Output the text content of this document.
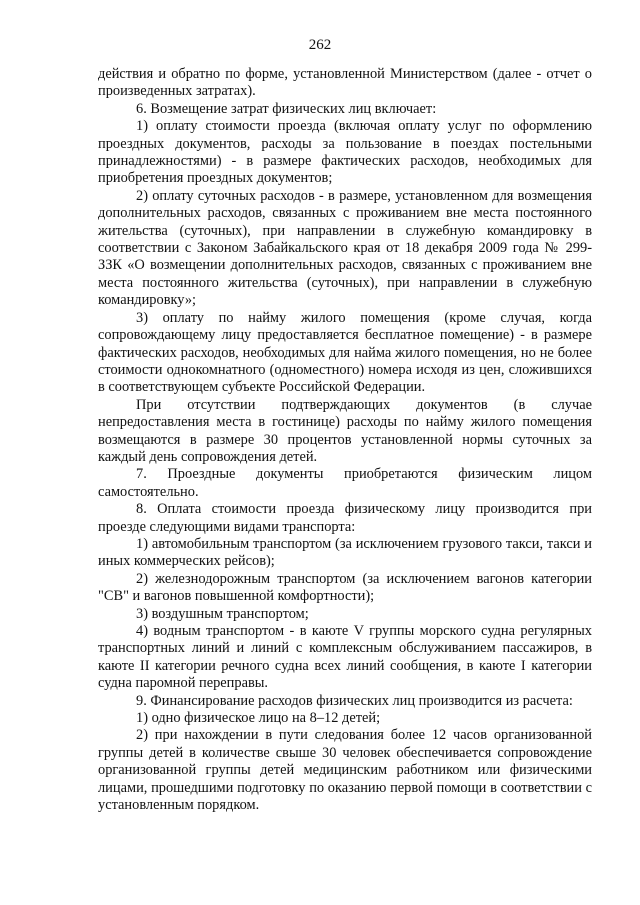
262

действия и обратно по форме, установленной Министерством (далее - отчет о произведенных затратах).

6. Возмещение затрат физических лиц включает:

1) оплату стоимости проезда (включая оплату услуг по оформлению проездных документов, расходы за пользование в поездах постельными принадлежностями) - в размере фактических расходов, необходимых для приобретения проездных документов;

2) оплату суточных расходов - в размере, установленном для возмещения дополнительных расходов, связанных с проживанием вне места постоянного жительства (суточных), при направлении в служебную командировку в соответствии с Законом Забайкальского края от 18 декабря 2009 года № 299-ЗЗК «О возмещении дополнительных расходов, связанных с проживанием вне места постоянного жительства (суточных), при направлении в служебную командировку»;

3) оплату по найму жилого помещения (кроме случая, когда сопровождающему лицу предоставляется бесплатное помещение) - в размере фактических расходов, необходимых для найма жилого помещения, но не более стоимости однокомнатного (одноместного) номера исходя из цен, сложившихся в соответствующем субъекте Российской Федерации.

При отсутствии подтверждающих документов (в случае непредоставления места в гостинице) расходы по найму жилого помещения возмещаются в размере 30 процентов установленной нормы суточных за каждый день сопровождения детей.

7. Проездные документы приобретаются физическим лицом самостоятельно.

8. Оплата стоимости проезда физическому лицу производится при проезде следующими видами транспорта:

1) автомобильным транспортом (за исключением грузового такси, такси и иных коммерческих рейсов);

2) железнодорожным транспортом (за исключением вагонов категории "СВ" и вагонов повышенной комфортности);

3) воздушным транспортом;

4) водным транспортом - в каюте V группы морского судна регулярных транспортных линий и линий с комплексным обслуживанием пассажиров, в каюте II категории речного судна всех линий сообщения, в каюте I категории судна паромной переправы.

9. Финансирование расходов физических лиц производится из расчета:

1) одно физическое лицо на 8–12 детей;

2) при нахождении в пути следования более 12 часов организованной группы детей в количестве свыше 30 человек обеспечивается сопровождение организованной группы детей медицинским работником или физическими лицами, прошедшими подготовку по оказанию первой помощи в соответствии с установленным порядком.
